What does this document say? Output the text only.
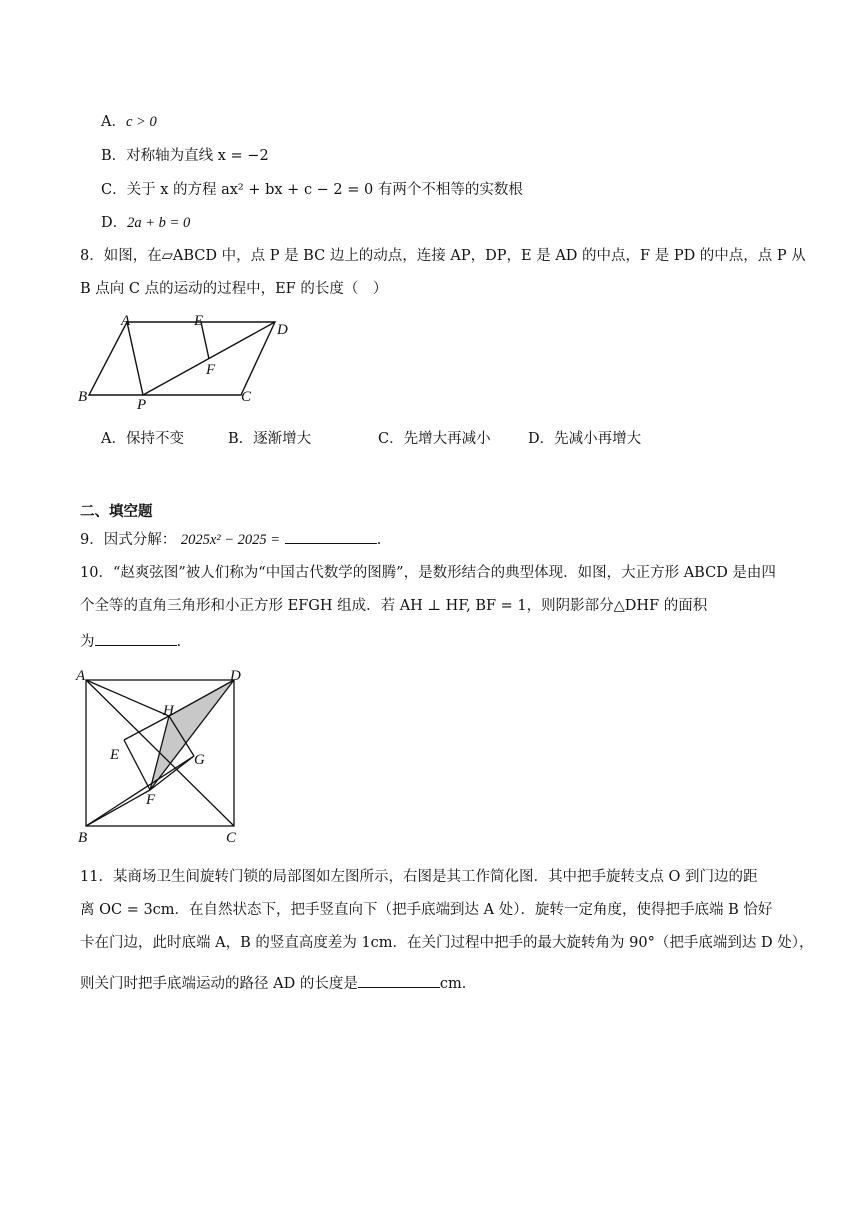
A．c > 0
B．对称轴为直线 x = −2
C．关于 x 的方程 ax² + bx + c − 2 = 0 有两个不相等的实数根
D．2a + b = 0
8．如图，在▱ABCD 中，点 P 是 BC 边上的动点，连接 AP，DP，E 是 AD 的中点，F 是 PD 的中点，点 P 从
B 点向 C 点的运动的过程中，EF 的长度（　）
A	E
D
F
B	P	C
A．保持不变	B．逐渐增大	C．先增大再减小	D．先减小再增大
二、填空题
9．因式分解： 2025x² − 2025 =	.
10．“赵爽弦图”被人们称为“中国古代数学的图腾”，是数形结合的典型体现．如图，大正方形 ABCD 是由四
个全等的直角三角形和小正方形 EFGH 组成．若 AH ⊥ HF, BF = 1，则阴影部分△DHF 的面积
为	.
A	D
H
E	G
F
B	C
11．某商场卫生间旋转门锁的局部图如左图所示，右图是其工作简化图．其中把手旋转支点 O 到门边的距
离 OC = 3cm．在自然状态下，把手竖直向下（把手底端到达 A 处）．旋转一定角度，使得把手底端 B 恰好
卡在门边，此时底端 A，B 的竖直高度差为 1cm．在关门过程中把手的最大旋转角为 90°（把手底端到达 D 处），
则关门时把手底端运动的路径 AD 的长度是	cm．
